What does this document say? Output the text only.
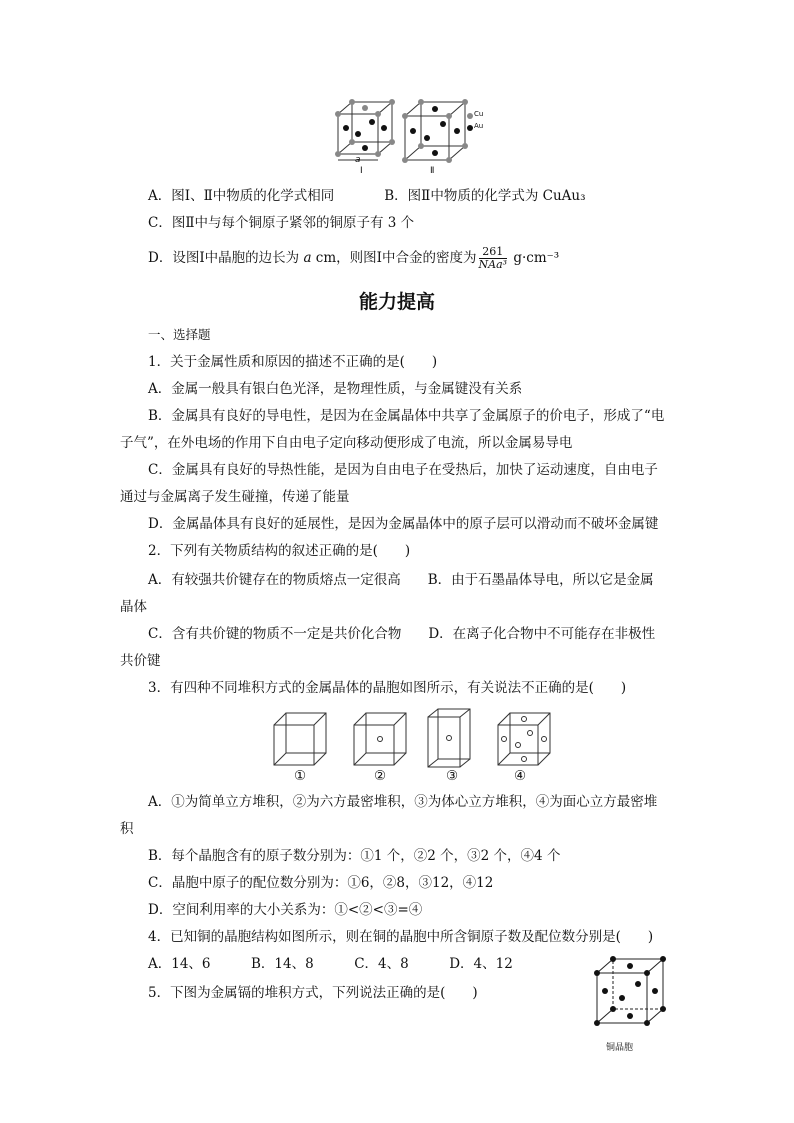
a
Ⅰ	Ⅱ
Cu
Au
A．图Ⅰ、Ⅱ中物质的化学式相同	B．图Ⅱ中物质的化学式为 CuAu₃
C．图Ⅱ中与每个铜原子紧邻的铜原子有 3 个
D．设图Ⅰ中晶胞的边长为 a cm，则图Ⅰ中合金的密度为 $\frac{261}{\text{NAa³}} g\cdot cm^{-3}$
能力提高
一、选择题
1．关于金属性质和原因的描述不正确的是(　　)
A．金属一般具有银白色光泽，是物理性质，与金属键没有关系
B．金属具有良好的导电性，是因为在金属晶体中共享了金属原子的价电子，形成了“电
子气”，在外电场的作用下自由电子定向移动便形成了电流，所以金属易导电
C．金属具有良好的导热性能，是因为自由电子在受热后，加快了运动速度，自由电子
通过与金属离子发生碰撞，传递了能量
D．金属晶体具有良好的延展性，是因为金属晶体中的原子层可以滑动而不破坏金属键
2．下列有关物质结构的叙述正确的是(　　)
A．有较强共价键存在的物质熔点一定很高　　B．由于石墨晶体导电，所以它是金属
晶体
C．含有共价键的物质不一定是共价化合物　　D．在离子化合物中不可能存在非极性
共价键
3．有四种不同堆积方式的金属晶体的晶胞如图所示，有关说法不正确的是(　　)
①	②	③	④
A．①为简单立方堆积，②为六方最密堆积，③为体心立方堆积，④为面心立方最密堆
积
B．每个晶胞含有的原子数分别为：①1 个，②2 个，③2 个，④4 个
C．晶胞中原子的配位数分别为：①6，②8，③12，④12
D．空间利用率的大小关系为：①<②<③=④
4．已知铜的晶胞结构如图所示，则在铜的晶胞中所含铜原子数及配位数分别是(　　)
A．14、6　　　B．14、8　　　C．4、8　　　D．4、12
铜晶胞
5．下图为金属镉的堆积方式，下列说法正确的是(　　)
